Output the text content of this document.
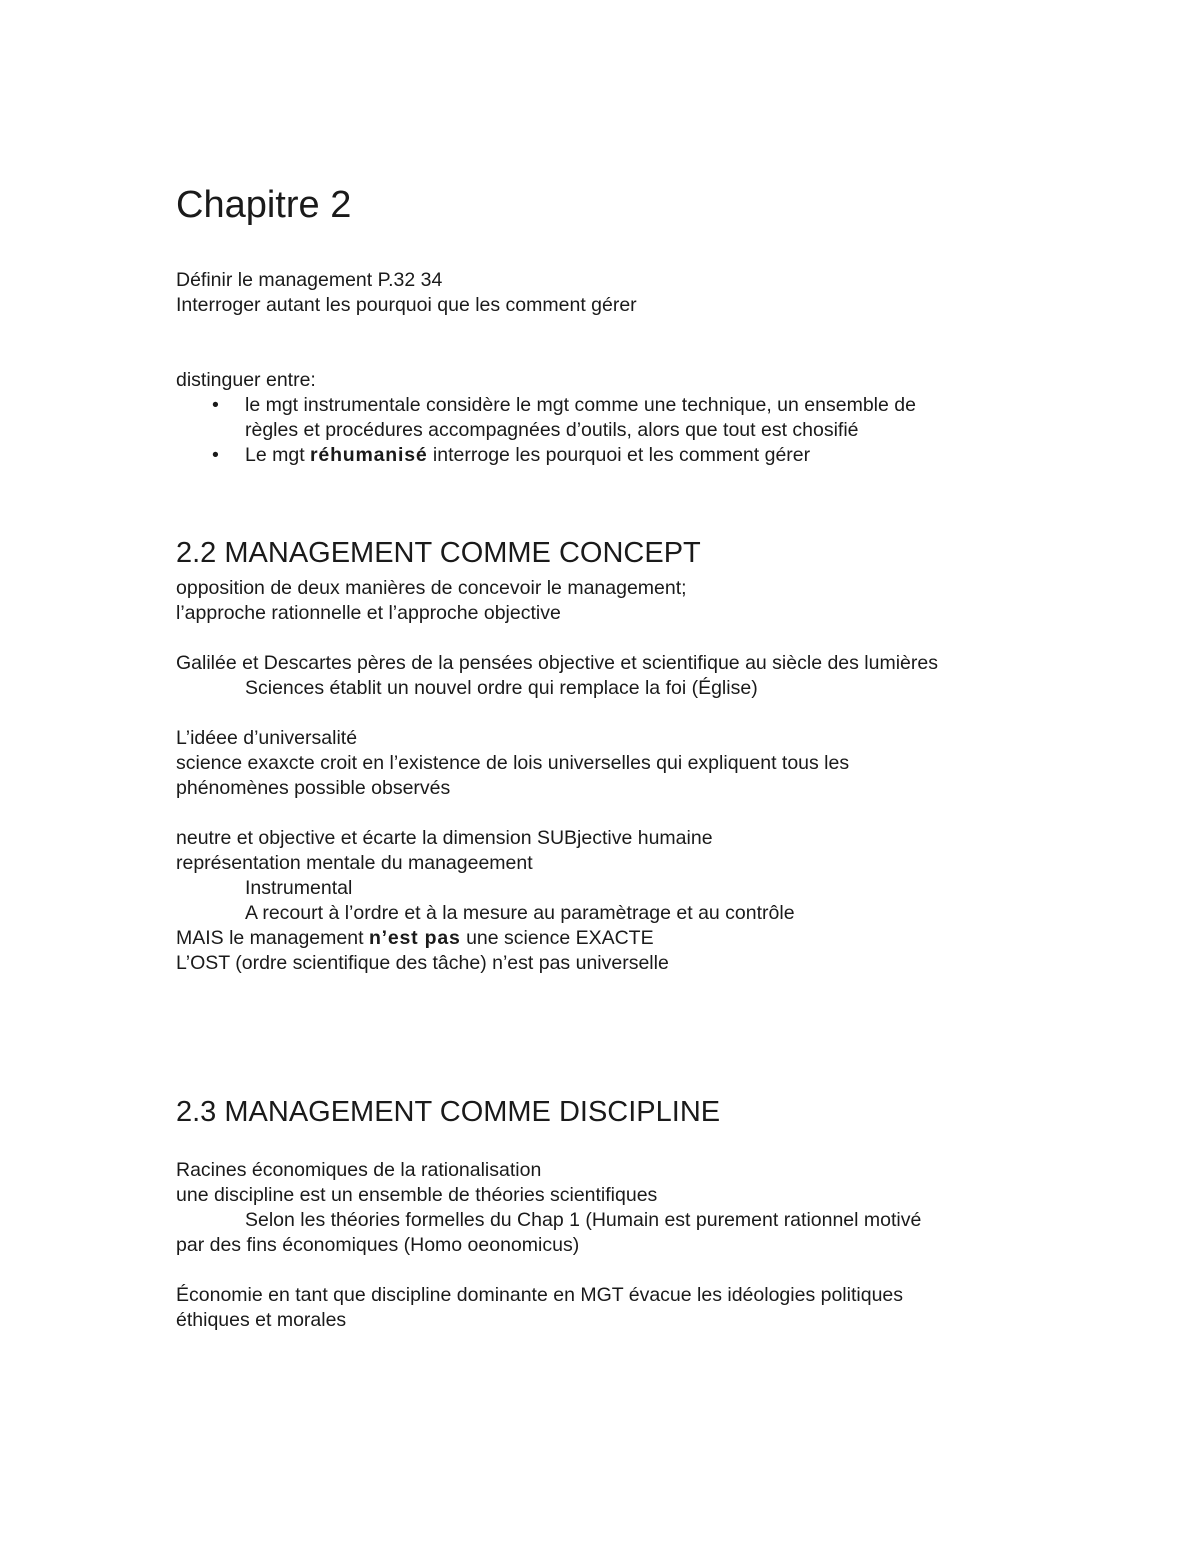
Chapitre 2

Définir le management P.32 34

Interroger autant les pourquoi que les comment gérer

distinguer entre:

• le mgt instrumentale considère le mgt comme une technique, un ensemble de
règles et procédures accompagnées d’outils, alors que tout est chosifié
• Le mgt réhumanisé interroge les pourquoi et les comment gérer
2.2 MANAGEMENT COMME CONCEPT

opposition de deux manières de concevoir le management;

l’approche rationnelle et l’approche objective

Galilée et Descartes pères de la pensées objective et scientifique au siècle des lumières

Sciences établit un nouvel ordre qui remplace la foi (Église)

L’idéee d’universalité

science exaxcte croit en l’existence de lois universelles qui expliquent tous les

phénomènes possible observés

neutre et objective et écarte la dimension SUBjective humaine

représentation mentale du manageement

Instrumental

A recourt à l’ordre et à la mesure au paramètrage et au contrôle

MAIS le management n’est pas une science EXACTE

L’OST (ordre scientifique des tâche) n’est pas universelle

2.3 MANAGEMENT COMME DISCIPLINE

Racines économiques de la rationalisation

une discipline est un ensemble de théories scientifiques

Selon les théories formelles du Chap 1 (Humain est purement rationnel motivé

par des fins économiques (Homo oeonomicus)

Économie en tant que discipline dominante en MGT évacue les idéologies politiques

éthiques et morales
